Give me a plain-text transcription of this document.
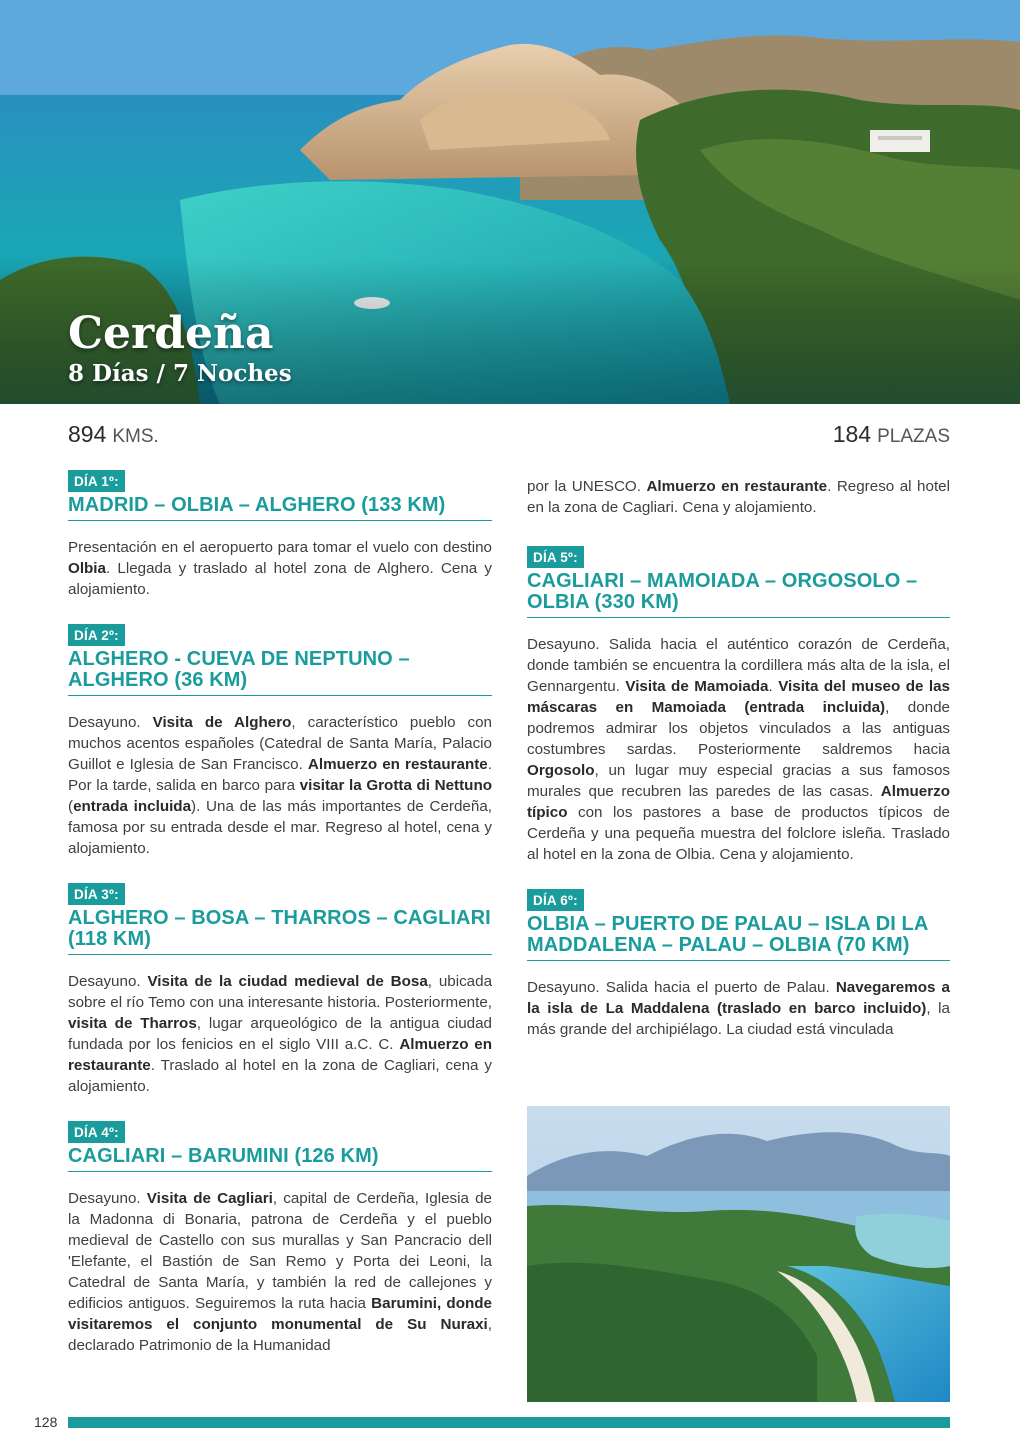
Cerdeña
8 Días / 7 Noches
894 KMS.	184 PLAZAS
DÍA 1º:
MADRID – OLBIA – ALGHERO (133 KM)

Presentación en el aeropuerto para tomar el vuelo con destino Olbia. Llegada y traslado al hotel zona de Alghero. Cena y alojamiento.

DÍA 2º:
ALGHERO - CUEVA DE NEPTUNO – ALGHERO (36 KM)

Desayuno. Visita de Alghero, característico pueblo con muchos acentos españoles (Catedral de Santa María, Palacio Guillot e Iglesia de San Francisco. Almuerzo en restaurante. Por la tarde, salida en barco para visitar la Grotta di Nettuno (entrada incluida). Una de las más importantes de Cerdeña, famosa por su entrada desde el mar. Regreso al hotel, cena y alojamiento.

DÍA 3º:
ALGHERO – BOSA – THARROS – CAGLIARI (118 KM)

Desayuno. Visita de la ciudad medieval de Bosa, ubicada sobre el río Temo con una interesante historia. Posteriormente, visita de Tharros, lugar arqueológico de la antigua ciudad fundada por los fenicios en el siglo VIII a.C. C. Almuerzo en restaurante. Traslado al hotel en la zona de Cagliari, cena y alojamiento.

DÍA 4º:
CAGLIARI – BARUMINI (126 KM)

Desayuno. Visita de Cagliari, capital de Cerdeña, Iglesia de la Madonna di Bonaria, patrona de Cerdeña y el pueblo medieval de Castello con sus murallas y San Pancracio dell 'Elefante, el Bastión de San Remo y Porta dei Leoni, la Catedral de Santa María, y también la red de callejones y edificios antiguos. Seguiremos la ruta hacia Barumini, donde visitaremos el conjunto monumental de Su Nuraxi, declarado Patrimonio de la Humanidad

por la UNESCO. Almuerzo en restaurante. Regreso al hotel en la zona de Cagliari. Cena y alojamiento.

DÍA 5º:
CAGLIARI – MAMOIADA – ORGOSOLO – OLBIA (330 KM)

Desayuno. Salida hacia el auténtico corazón de Cerdeña, donde también se encuentra la cordillera más alta de la isla, el Gennargentu. Visita de Mamoiada. Visita del museo de las máscaras en Mamoiada (entrada incluida), donde podremos admirar los objetos vinculados a las antiguas costumbres sardas. Posteriormente saldremos hacia Orgosolo, un lugar muy especial gracias a sus famosos murales que recubren las paredes de las casas. Almuerzo típico con los pastores a base de productos típicos de Cerdeña y una pequeña muestra del folclore isleña. Traslado al hotel en la zona de Olbia. Cena y alojamiento.

DÍA 6º:
OLBIA – PUERTO DE PALAU – ISLA DI LA MADDALENA – PALAU – OLBIA (70 KM)

Desayuno. Salida hacia el puerto de Palau. Navegaremos a la isla de La Maddalena (traslado en barco incluido), la más grande del archipiélago. La ciudad está vinculada

128
